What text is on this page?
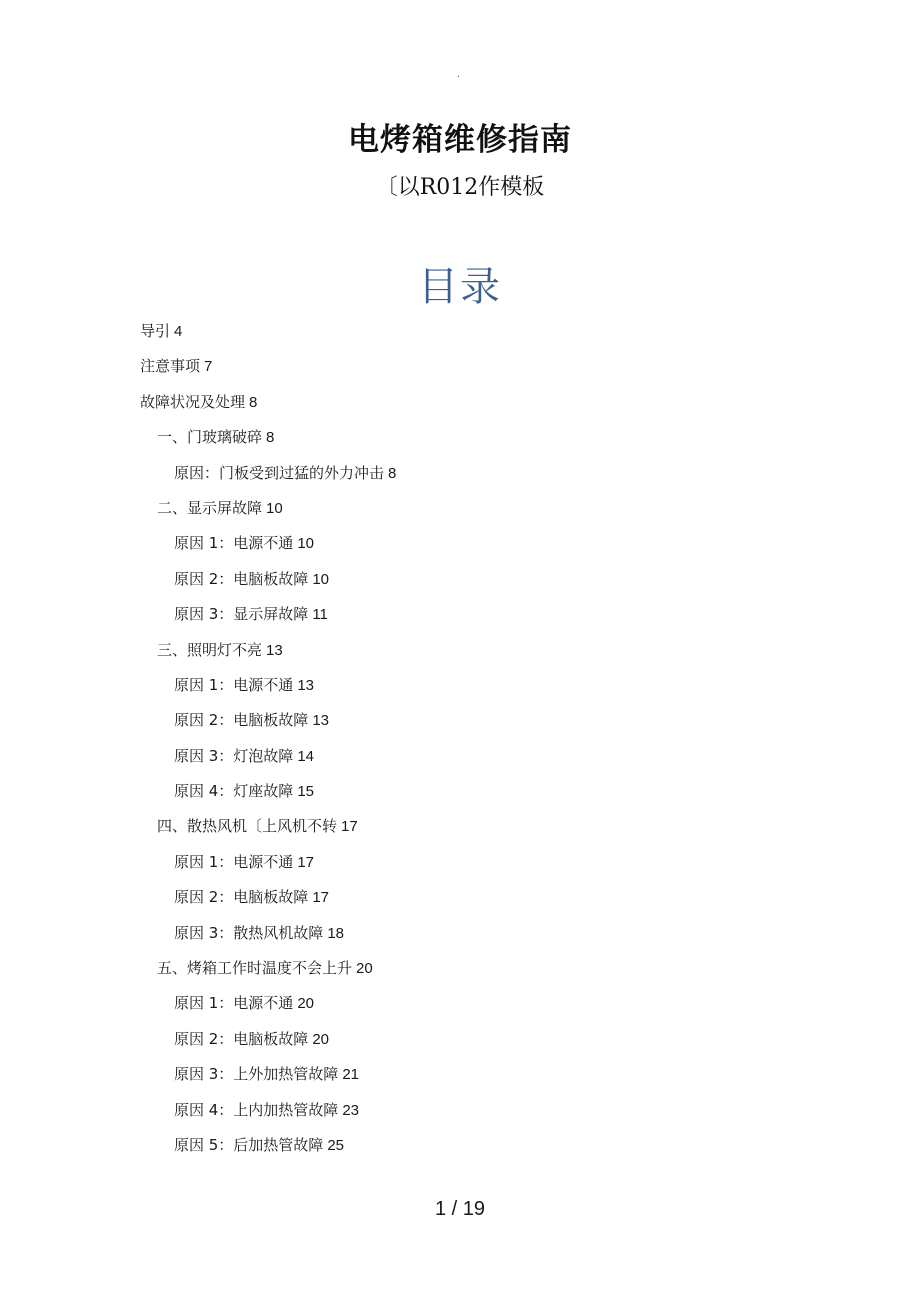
.
电烤箱维修指南
〔以R012作模板
目录
导引 4
注意事项 7
故障状况及处理 8
一、门玻璃破碎 8
原因：门板受到过猛的外力冲击 8
二、显示屏故障 10
原因 1：电源不通 10
原因 2：电脑板故障 10
原因 3：显示屏故障 11
三、照明灯不亮 13
原因 1：电源不通 13
原因 2：电脑板故障 13
原因 3：灯泡故障 14
原因 4：灯座故障 15
四、散热风机〔上风机不转 17
原因 1：电源不通 17
原因 2：电脑板故障 17
原因 3：散热风机故障 18
五、烤箱工作时温度不会上升 20
原因 1：电源不通 20
原因 2：电脑板故障 20
原因 3：上外加热管故障 21
原因 4：上内加热管故障 23
原因 5：后加热管故障 25
1 / 19
